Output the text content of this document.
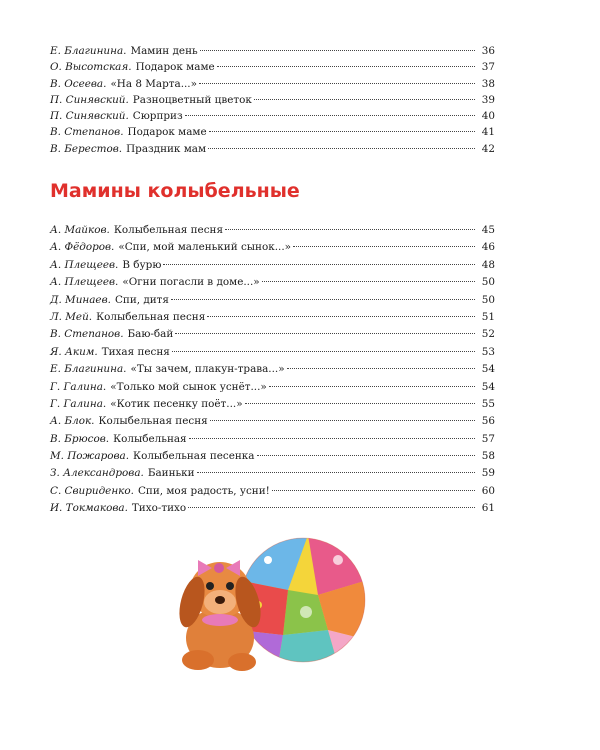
Е. Благинина. Мамин день	36
О. Высотская. Подарок маме	37
В. Осеева. «На 8 Марта...»	38
П. Синявский. Разноцветный цветок	39
П. Синявский. Сюрприз	40
В. Степанов. Подарок маме	41
В. Берестов. Праздник мам	42
Мамины колыбельные
А. Майков. Колыбельная песня	45
А. Фёдоров. «Спи, мой маленький сынок...»	46
А. Плещеев. В бурю	48
А. Плещеев. «Огни погасли в доме...»	50
Д. Минаев. Спи, дитя	50
Л. Мей. Колыбельная песня	51
В. Степанов. Баю-бай	52
Я. Аким. Тихая песня	53
Е. Благинина. «Ты зачем, плакун-трава...»	54
Г. Галина. «Только мой сынок уснёт...»	54
Г. Галина. «Котик песенку поёт...»	55
А. Блок. Колыбельная песня	56
В. Брюсов. Колыбельная	57
М. Пожарова. Колыбельная песенка	58
З. Александрова. Баиньки	59
С. Свириденко. Спи, моя радость, усни!	60
И. Токмакова. Тихо-тихо	61
